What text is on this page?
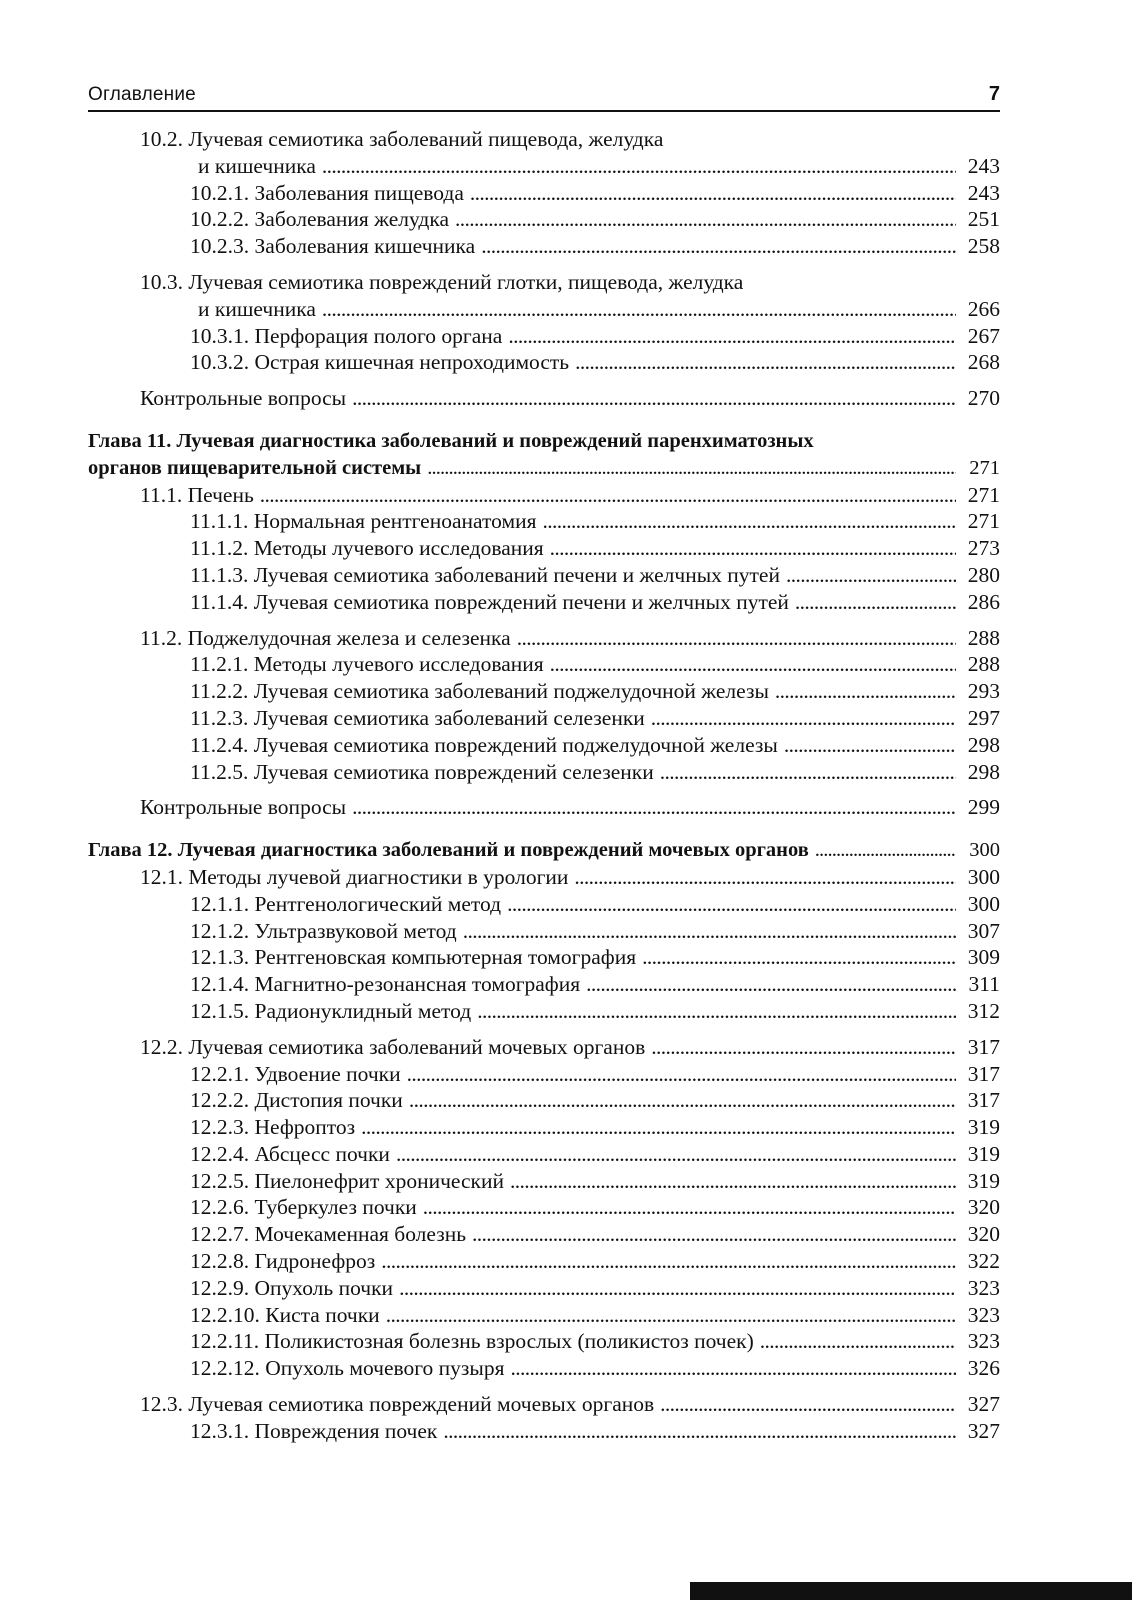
Оглавление	7
10.2. Лучевая семиотика заболеваний пищевода, желудка
и кишечника . . .	243
10.2.1. Заболевания пищевода . . .	243
10.2.2. Заболевания желудка . . .	251
10.2.3. Заболевания кишечника . . .	258
10.3. Лучевая семиотика повреждений глотки, пищевода, желудка
и кишечника . . .	266
10.3.1. Перфорация полого органа . . .	267
10.3.2. Острая кишечная непроходимость . . .	268
Контрольные вопросы . . .	270
Глава 11. Лучевая диагностика заболеваний и повреждений паренхиматозных
органов пищеварительной системы . . .	271
11.1. Печень . . .	271
11.1.1. Нормальная рентгеноанатомия . . .	271
11.1.2. Методы лучевого исследования . . .	273
11.1.3. Лучевая семиотика заболеваний печени и желчных путей . . .	280
11.1.4. Лучевая семиотика повреждений печени и желчных путей . . .	286
11.2. Поджелудочная железа и селезенка . . .	288
11.2.1. Методы лучевого исследования . . .	288
11.2.2. Лучевая семиотика заболеваний поджелудочной железы . . .	293
11.2.3. Лучевая семиотика заболеваний селезенки . . .	297
11.2.4. Лучевая семиотика повреждений поджелудочной железы . . .	298
11.2.5. Лучевая семиотика повреждений селезенки . . .	298
Контрольные вопросы . . .	299
Глава 12. Лучевая диагностика заболеваний и повреждений мочевых органов . . .	300
12.1. Методы лучевой диагностики в урологии . . .	300
12.1.1. Рентгенологический метод . . .	300
12.1.2. Ультразвуковой метод . . .	307
12.1.3. Рентгеновская компьютерная томография . . .	309
12.1.4. Магнитно-резонансная томография . . .	311
12.1.5. Радионуклидный метод . . .	312
12.2. Лучевая семиотика заболеваний мочевых органов . . .	317
12.2.1. Удвоение почки . . .	317
12.2.2. Дистопия почки . . .	317
12.2.3. Нефроптоз . . .	319
12.2.4. Абсцесс почки . . .	319
12.2.5. Пиелонефрит хронический . . .	319
12.2.6. Туберкулез почки . . .	320
12.2.7. Мочекаменная болезнь . . .	320
12.2.8. Гидронефроз . . .	322
12.2.9. Опухоль почки . . .	323
12.2.10. Киста почки . . .	323
12.2.11. Поликистозная болезнь взрослых (поликистоз почек) . . .	323
12.2.12. Опухоль мочевого пузыря . . .	326
12.3. Лучевая семиотика повреждений мочевых органов . . .	327
12.3.1. Повреждения почек . . .	327
